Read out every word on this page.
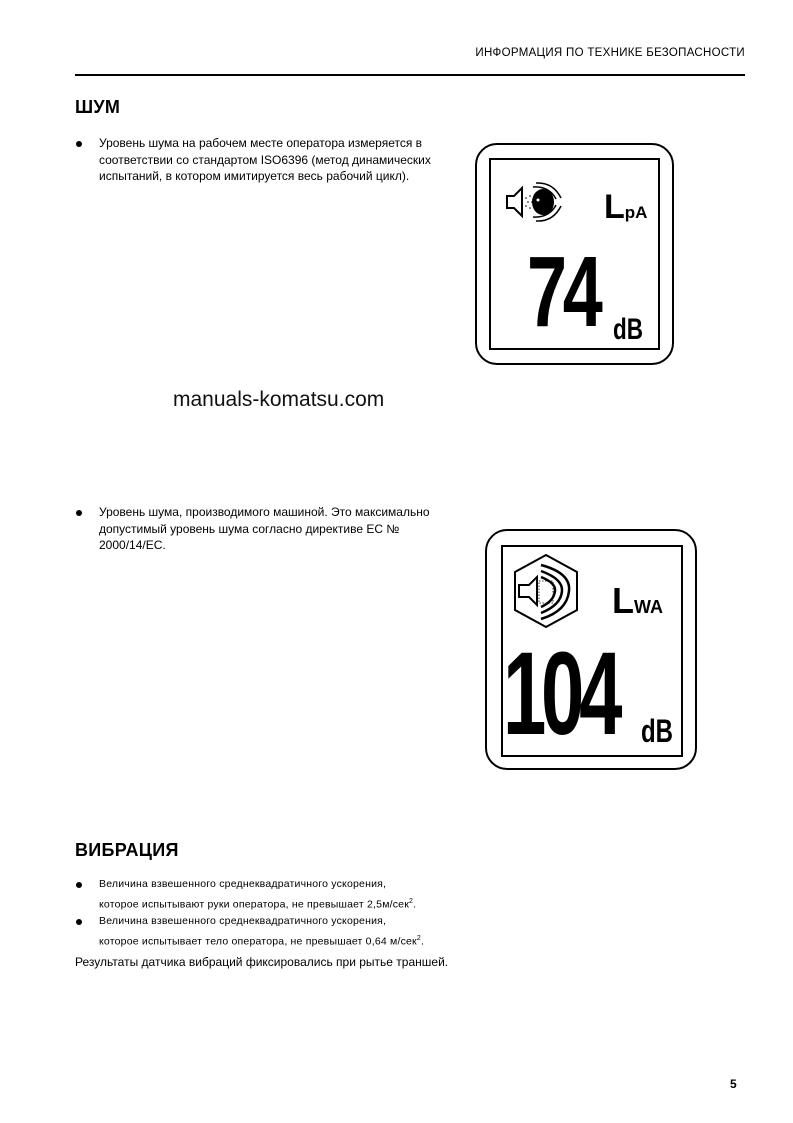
ИНФОРМАЦИЯ ПО ТЕХНИКЕ БЕЗОПАСНОСТИ
ШУМ
Уровень шума на рабочем месте оператора измеряется в соответствии со стандартом ISO6396 (метод динамических испытаний, в котором имитируется весь рабочий цикл).
LpA
74 dB
manuals-komatsu.com
Уровень шума, производимого машиной. Это максимально допустимый уровень шума согласно директиве EC № 2000/14/EC.
LWA
104 dB
ВИБРАЦИЯ
Величина взвешенного среднеквадратичного ускорения,
которое испытывают руки оператора, не превышает 2,5м/сек$^2$.
Величина взвешенного среднеквадратичного ускорения,
которое испытывает тело оператора, не превышает 0,64 м/сек$^2$.
Результаты датчика вибраций фиксировались при рытье траншей.
5
